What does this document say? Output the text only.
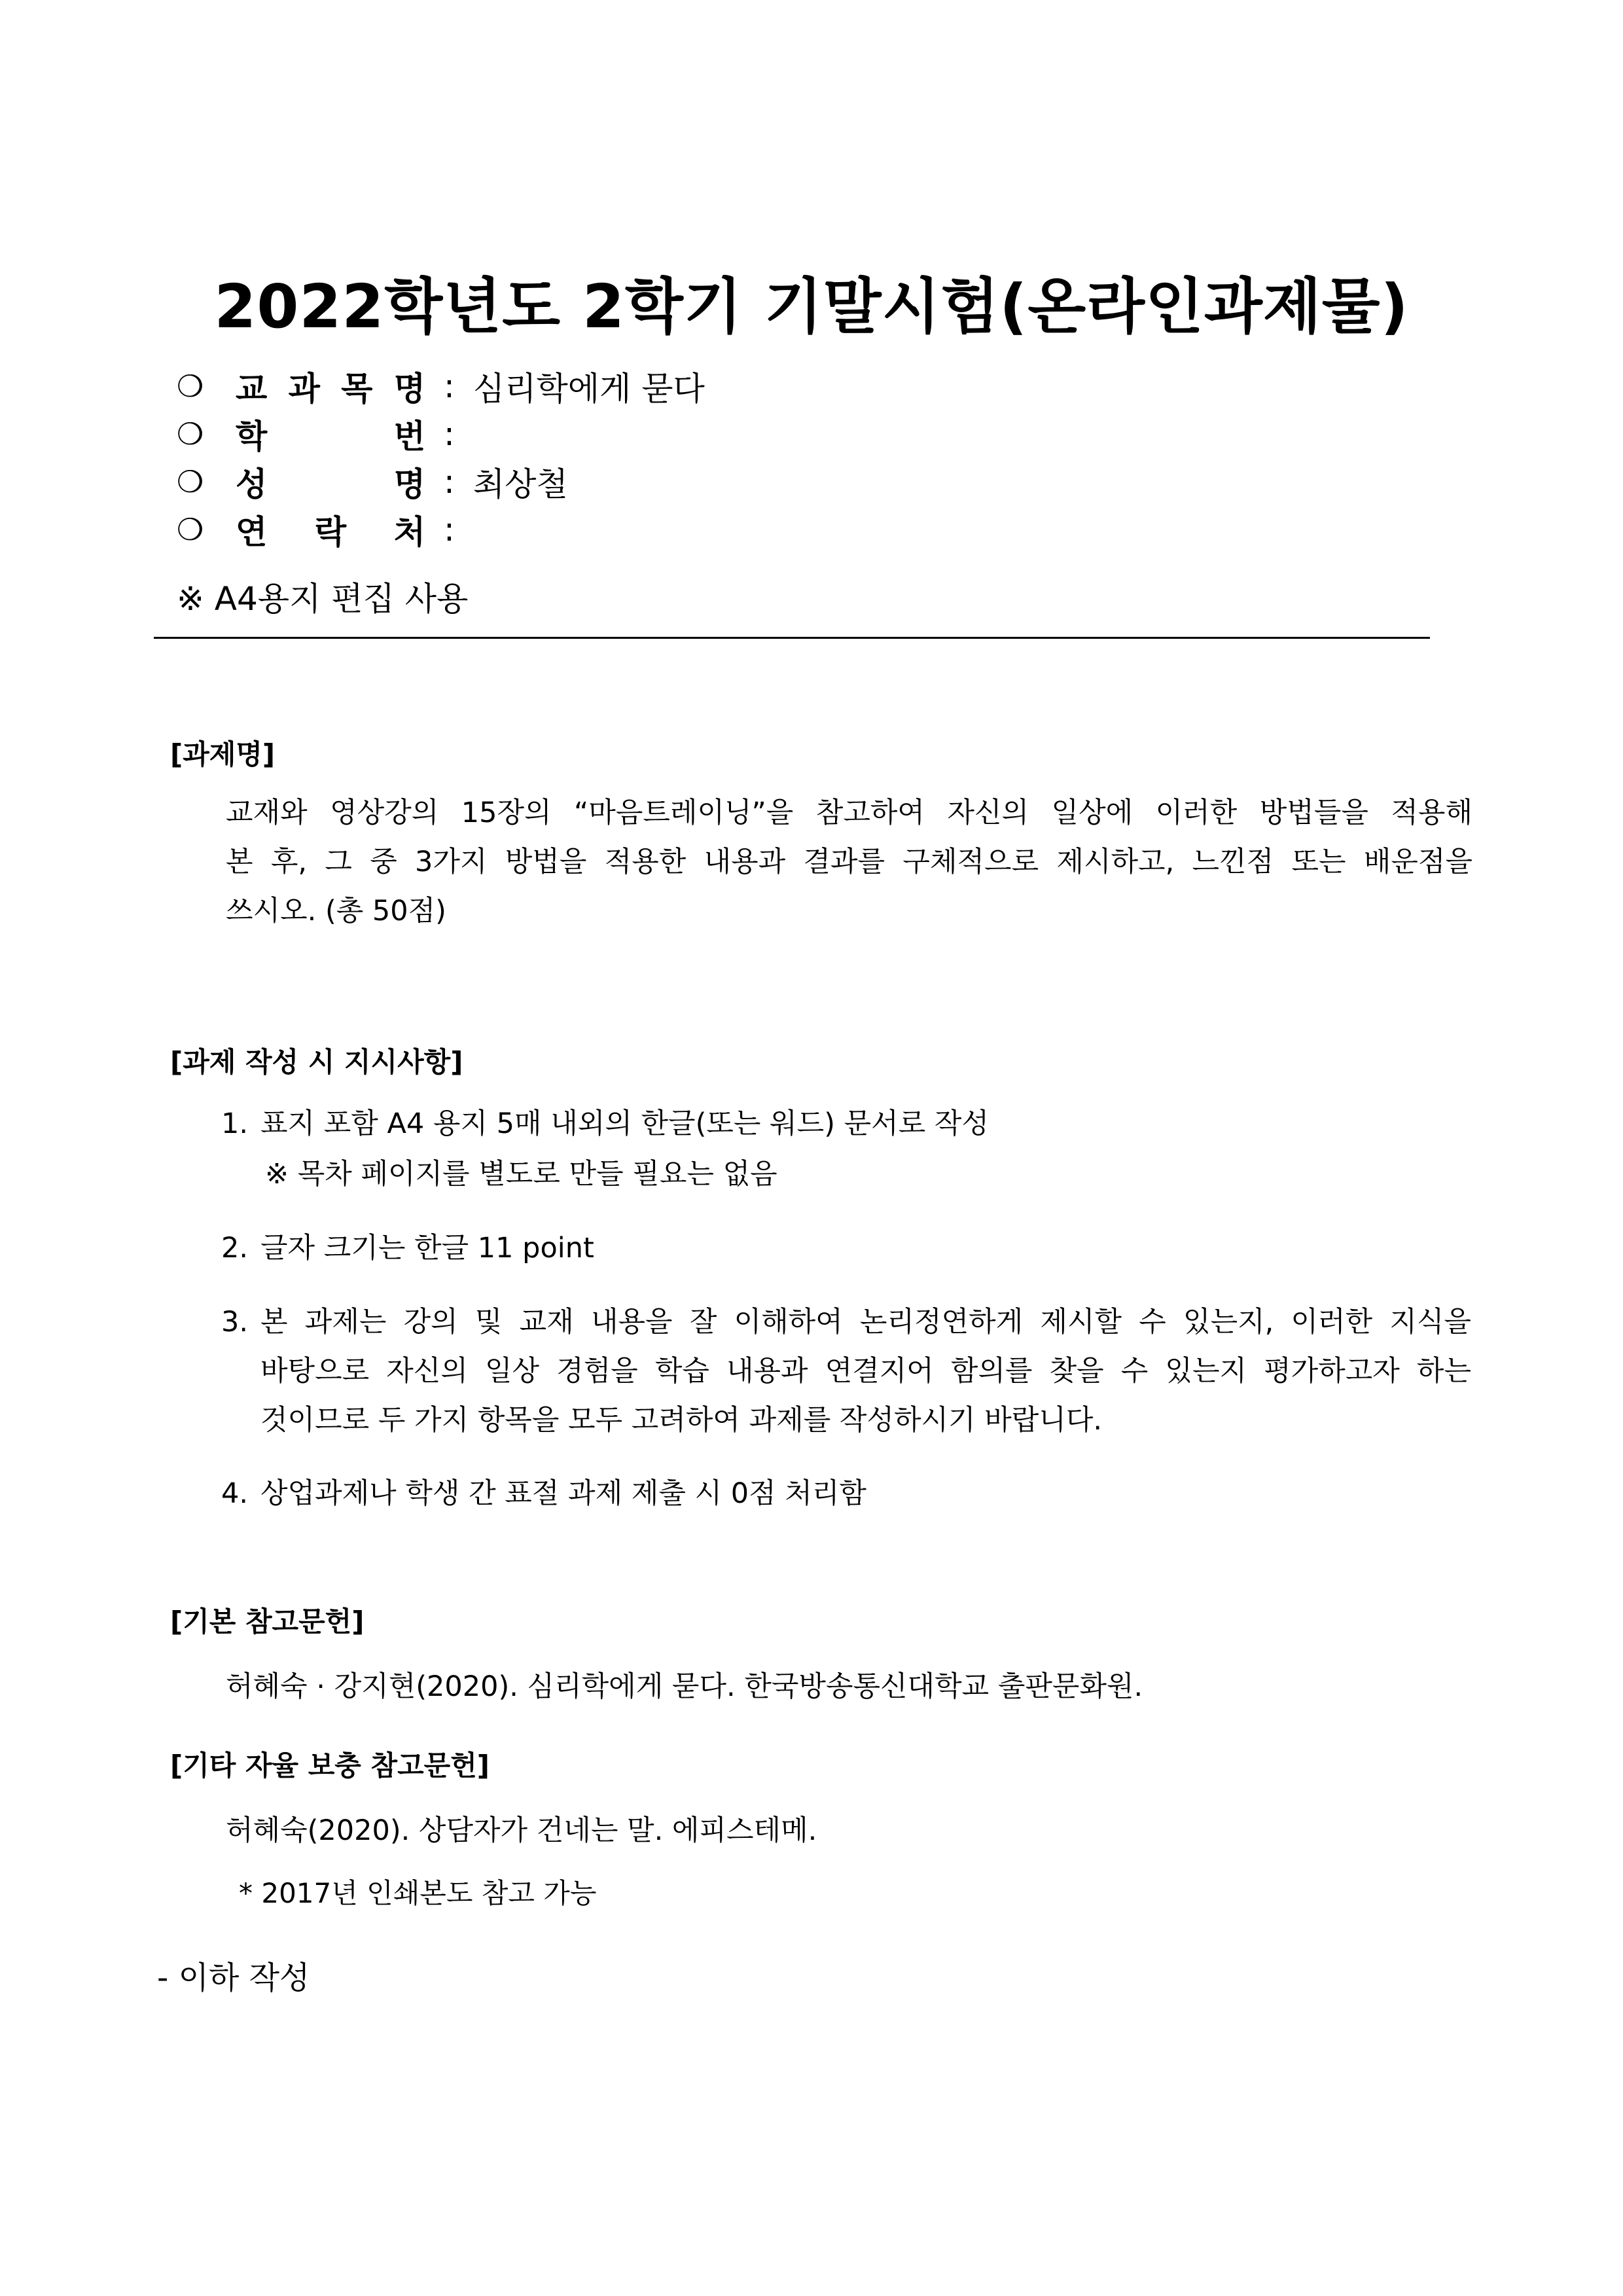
2022학년도 2학기 기말시험(온라인과제물)
❍ 교 과 목 명 : 심리학에게 묻다
❍ 학	번 :
❍ 성	명 : 최상철
❍ 연 락 처 :
※ A4용지 편집 사용
[과제명]
교재와 영상강의 15장의 “마음트레이닝”을 참고하여 자신의 일상에 이러한 방법들을 적용해
본 후, 그 중 3가지 방법을 적용한 내용과 결과를 구체적으로 제시하고, 느낀점 또는 배운점을
쓰시오. (총 50점)
[과제 작성 시 지시사항]
1. 표지 포함 A4 용지 5매 내외의 한글(또는 워드) 문서로 작성
※ 목차 페이지를 별도로 만들 필요는 없음
2. 글자 크기는 한글 11 point
3. 본 과제는 강의 및 교재 내용을 잘 이해하여 논리정연하게 제시할 수 있는지, 이러한 지식을
바탕으로 자신의 일상 경험을 학습 내용과 연결지어 함의를 찾을 수 있는지 평가하고자 하는
것이므로 두 가지 항목을 모두 고려하여 과제를 작성하시기 바랍니다.
4. 상업과제나 학생 간 표절 과제 제출 시 0점 처리함
[기본 참고문헌]
허혜숙 · 강지현(2020). 심리학에게 묻다. 한국방송통신대학교 출판문화원.
[기타 자율 보충 참고문헌]
허혜숙(2020). 상담자가 건네는 말. 에피스테메.
* 2017년 인쇄본도 참고 가능
- 이하 작성
